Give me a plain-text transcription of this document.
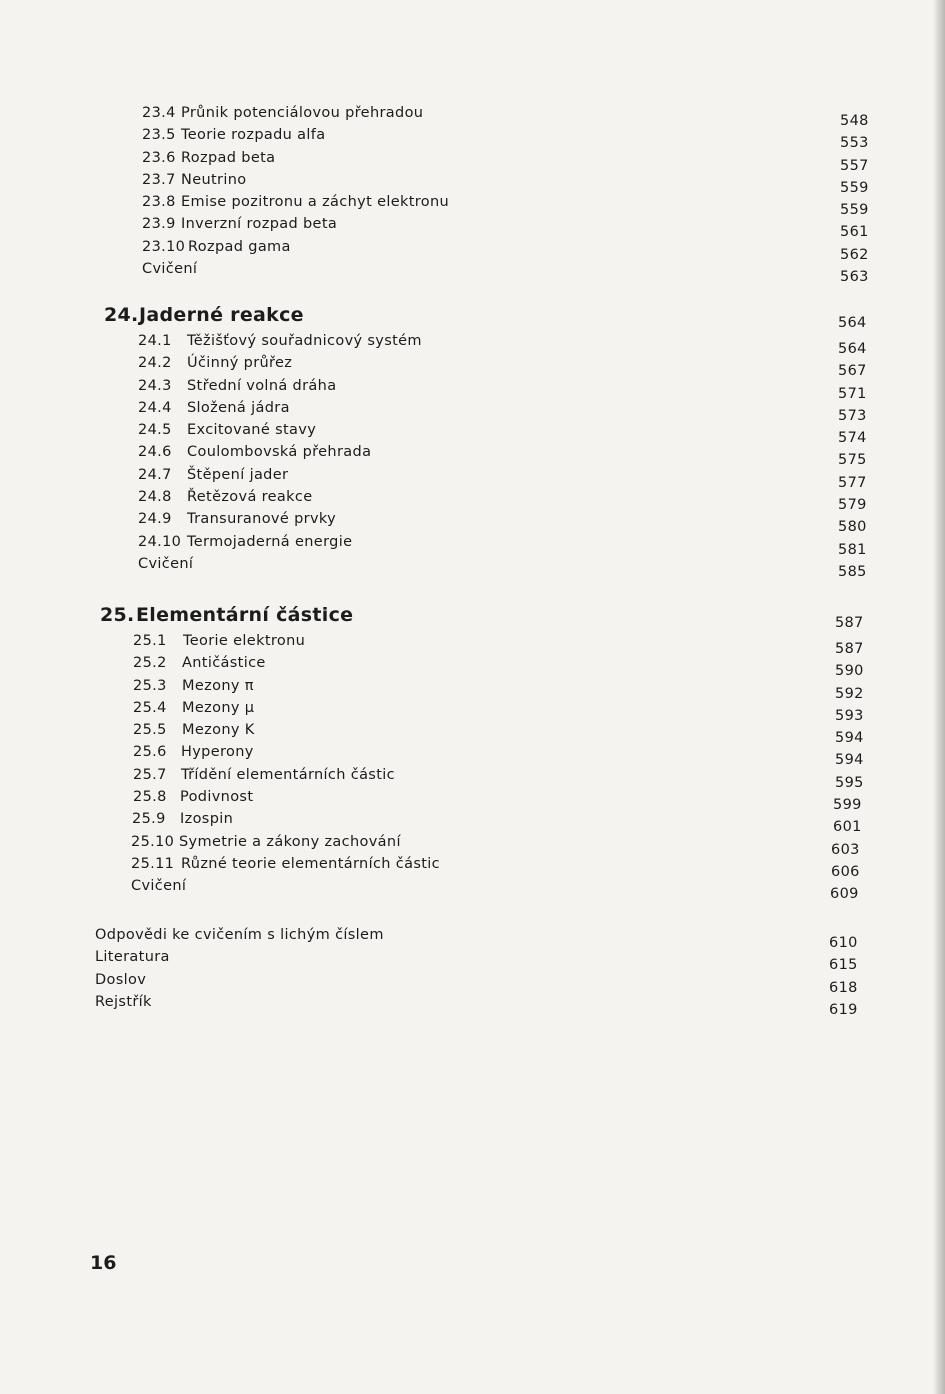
23.4 Průnik potenciálovou přehradou	548
23.5 Teorie rozpadu alfa	553
23.6 Rozpad beta	557
23.7 Neutrino	559
23.8 Emise pozitronu a záchyt elektronu	559
23.9 Inverzní rozpad beta	561
23.10 Rozpad gama	562
Cvičení	563
24. Jaderné reakce	564
24.1 Těžišťový souřadnicový systém	564
24.2 Účinný průřez	567
24.3 Střední volná dráha	571
24.4 Složená jádra	573
24.5 Excitované stavy	574
24.6 Coulombovská přehrada	575
24.7 Štěpení jader	577
24.8 Řetězová reakce	579
24.9 Transuranové prvky	580
24.10 Termojaderná energie	581
Cvičení	585
25. Elementární částice	587
25.1 Teorie elektronu	587
25.2 Antičástice	590
25.3 Mezony π	592
25.4 Mezony μ	593
25.5 Mezony K	594
25.6 Hyperony	594
25.7 Třídění elementárních částic	595
25.8 Podivnost	599
25.9 Izospin	601
25.10 Symetrie a zákony zachování	603
25.11 Různé teorie elementárních částic	606
Cvičení	609
Odpovědi ke cvičením s lichým číslem	610
Literatura	615
Doslov	618
Rejstřík	619
16
